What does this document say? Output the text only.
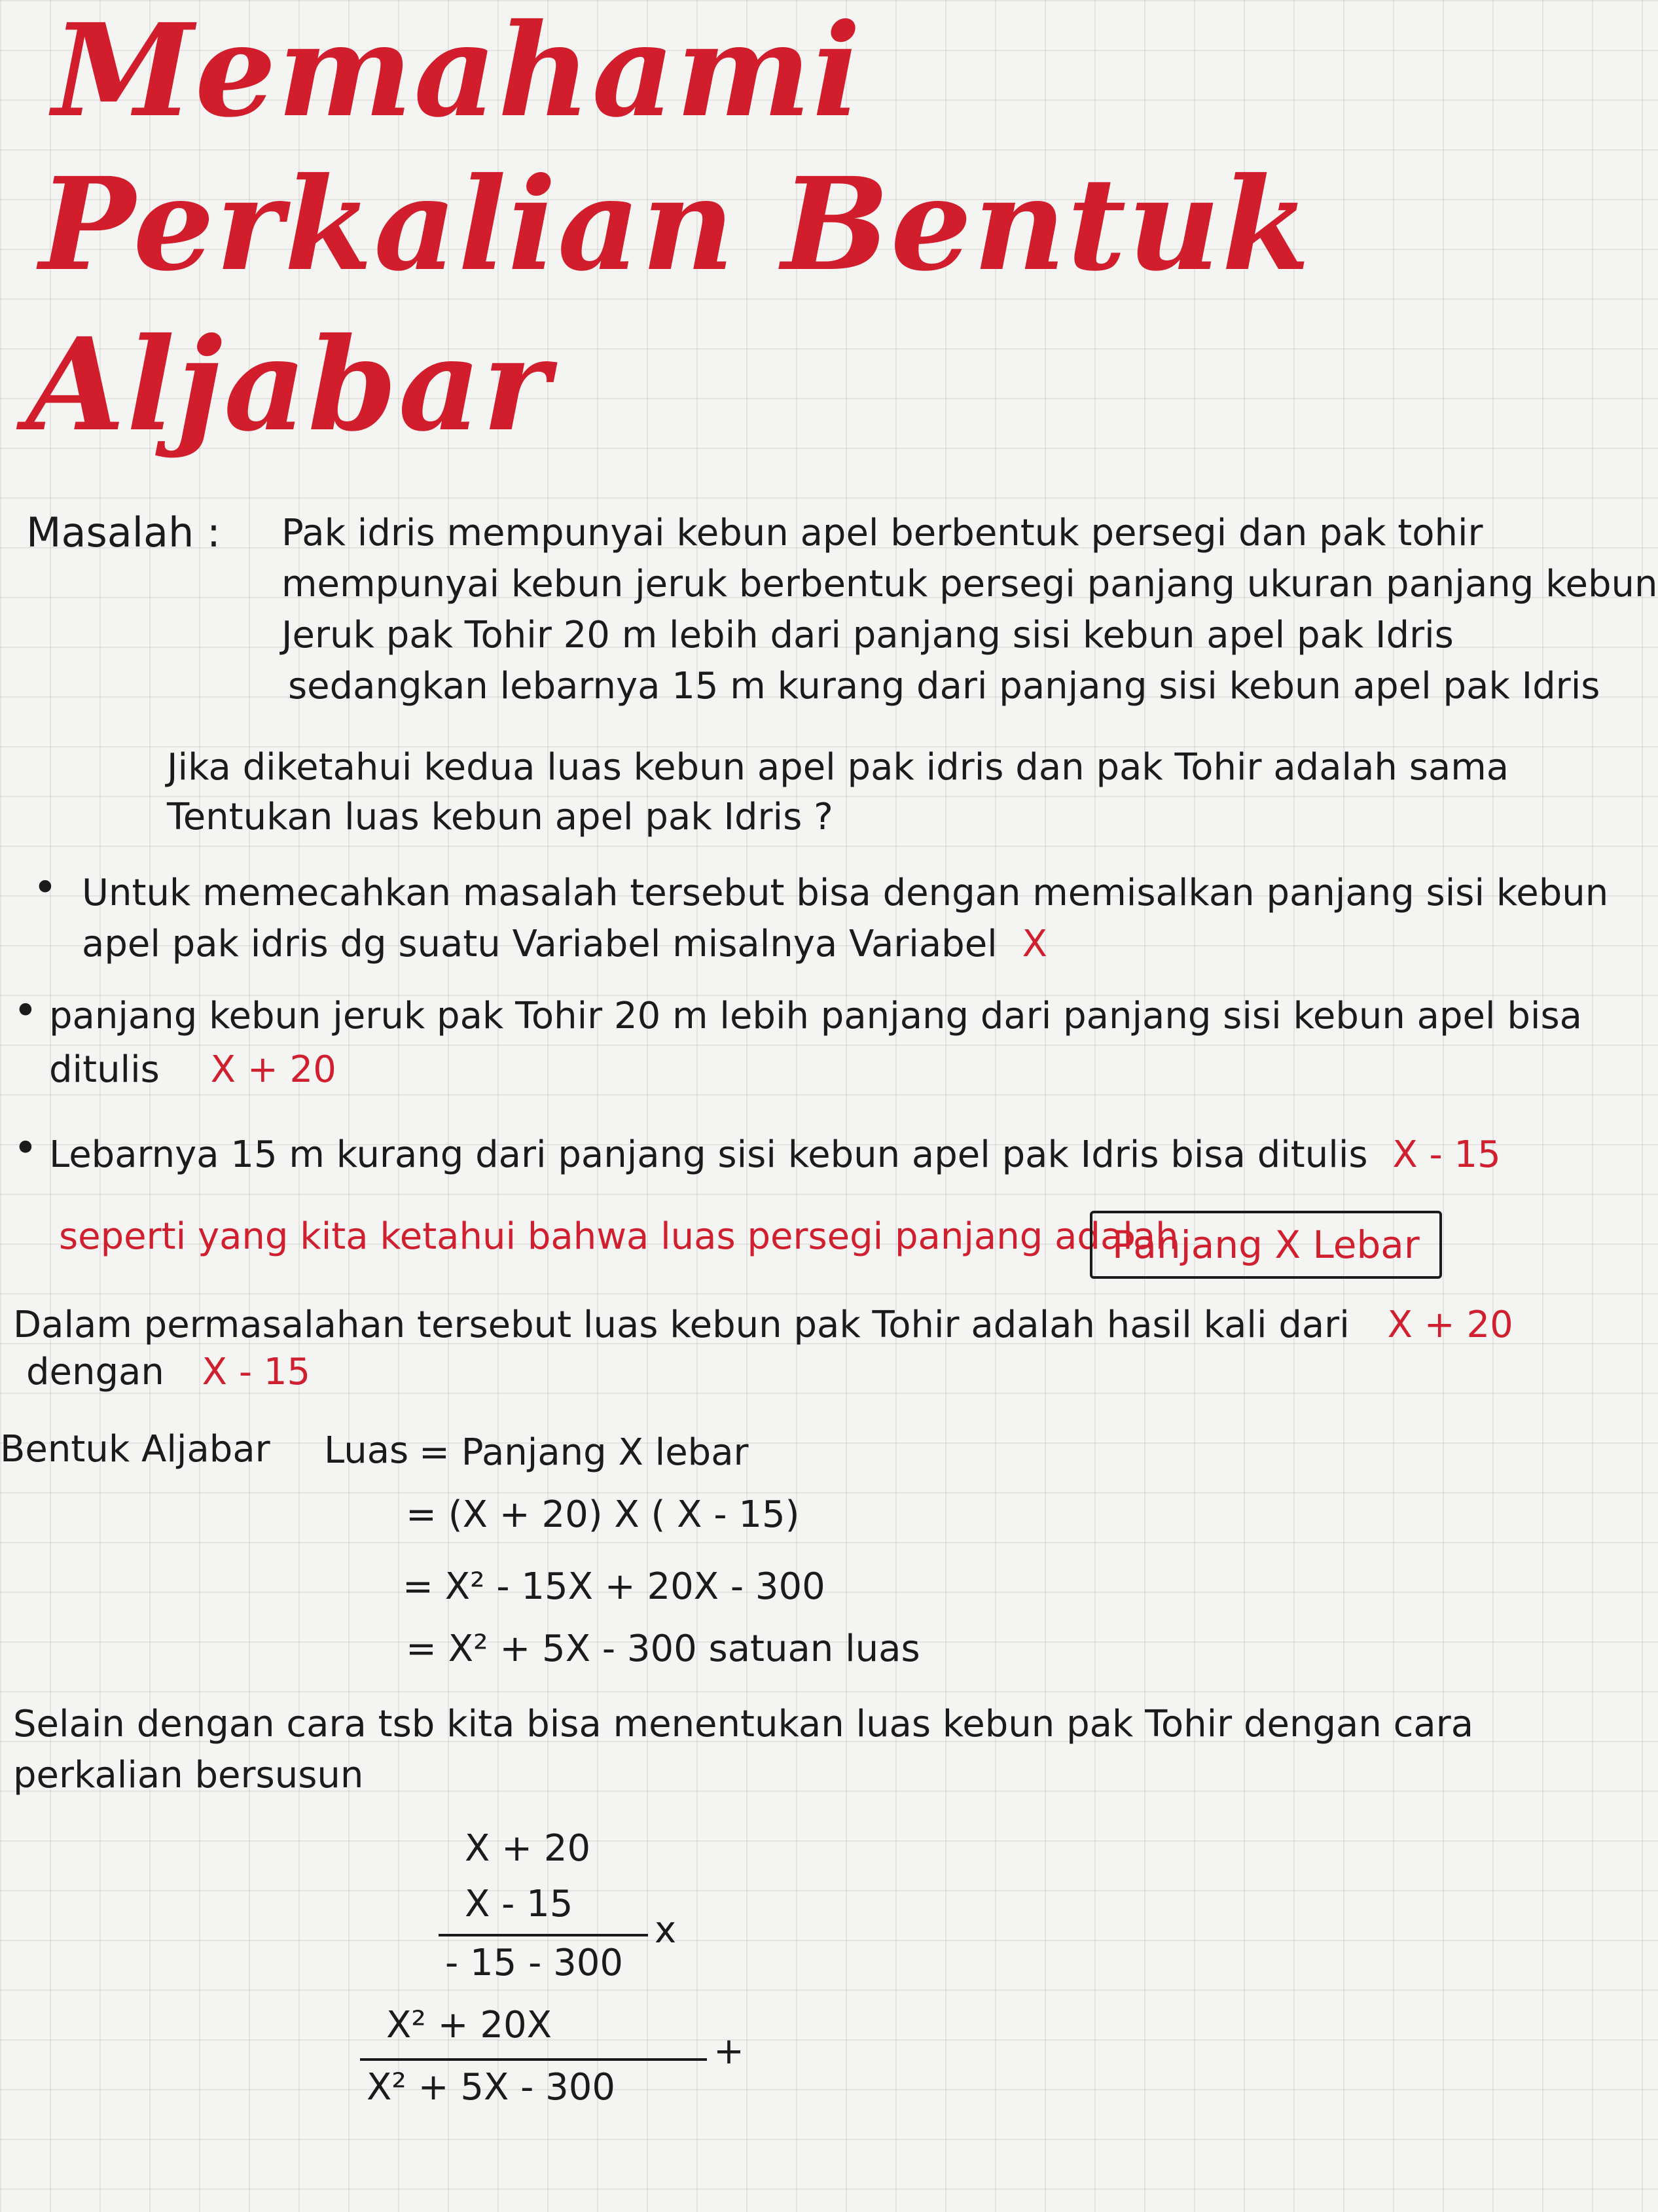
Memahami
Perkalian Bentuk
Aljabar
Masalah : Pak idris mempunyai kebun apel berbentuk persegi dan pak tohir
mempunyai kebun jeruk berbentuk persegi panjang ukuran panjang kebun
Jeruk pak Tohir 20 m lebih dari panjang sisi kebun apel pak Idris
sedangkan lebarnya 15 m kurang dari panjang sisi kebun apel pak Idris
Jika diketahui kedua luas kebun apel pak idris dan pak Tohir adalah sama
Tentukan luas kebun apel pak Idris ?
• Untuk memecahkan masalah tersebut bisa dengan memisalkan panjang sisi kebun
apel pak idris dg suatu Variabel misalnya Variabel X
• panjang kebun jeruk pak Tohir 20 m lebih panjang dari panjang sisi kebun apel bisa
ditulis X + 20
• Lebarnya 15 m kurang dari panjang sisi kebun apel pak Idris bisa ditulis X - 15
seperti yang kita ketahui bahwa luas persegi panjang adalah
Panjang X Lebar
Dalam permasalahan tersebut luas kebun pak Tohir adalah hasil kali dari X + 20
dengan X - 15
Bentuk Aljabar Luas = Panjang X lebar
= (X + 20) X ( X - 15)
= X² - 15X + 20X - 300
= X² + 5X - 300 satuan luas
Selain dengan cara tsb kita bisa menentukan luas kebun pak Tohir dengan cara
perkalian bersusun
X + 20
X - 15
x
- 15 - 300
X² + 20X
+
X² + 5X - 300
